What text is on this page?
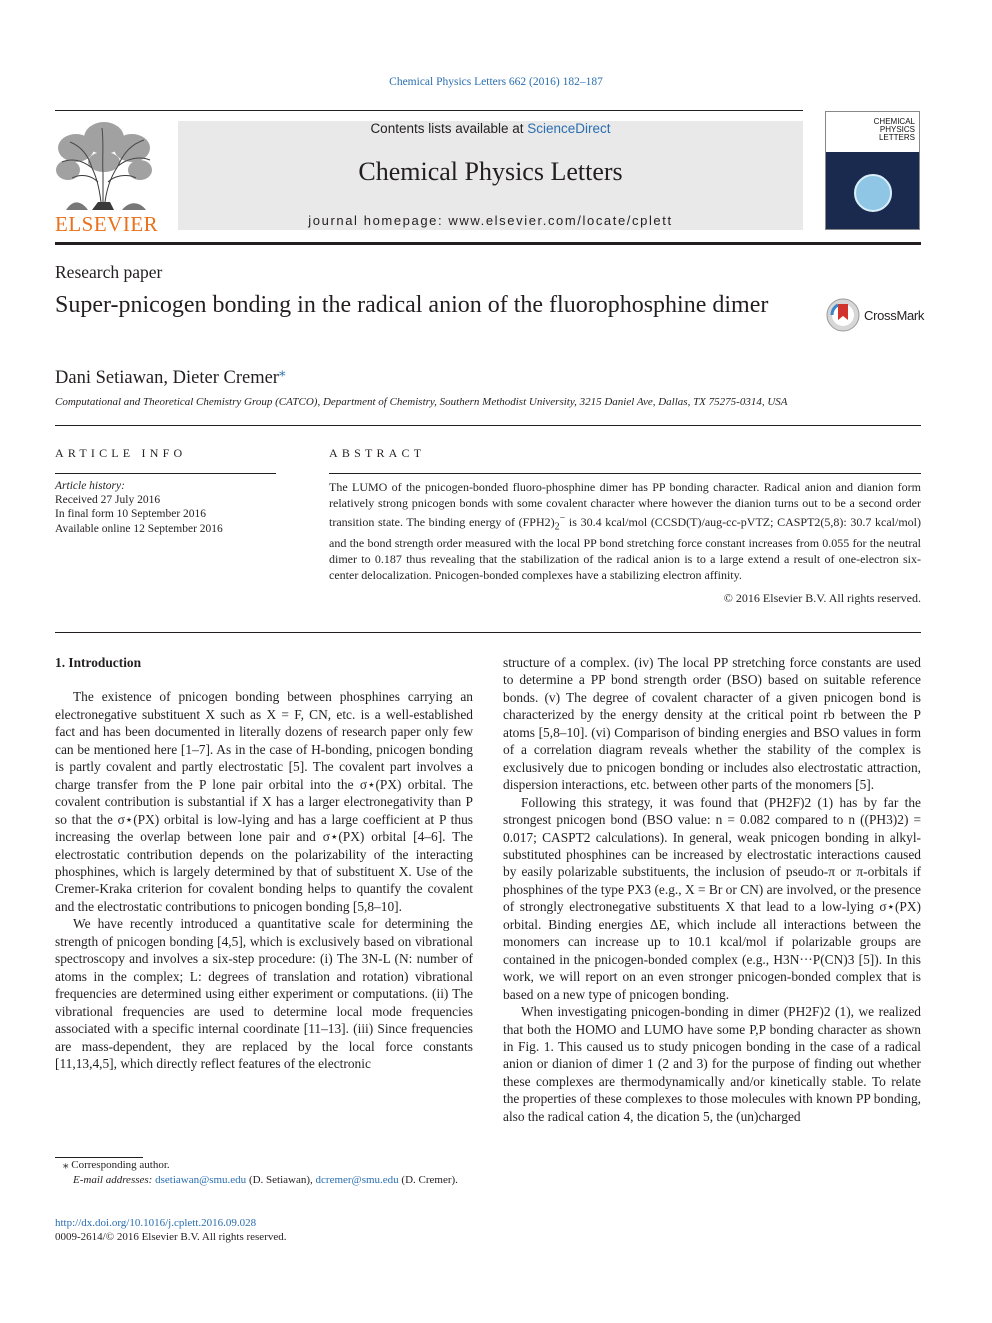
Chemical Physics Letters 662 (2016) 182–187
ELSEVIER
Contents lists available at ScienceDirect
Chemical Physics Letters
journal homepage: www.elsevier.com/locate/cplett
CHEMICAL
PHYSICS
LETTERS
Research paper
Super-pnicogen bonding in the radical anion of the fluorophosphine dimer	CrossMark
Dani Setiawan, Dieter Cremer⁎
Computational and Theoretical Chemistry Group (CATCO), Department of Chemistry, Southern Methodist University, 3215 Daniel Ave, Dallas, TX 75275-0314, USA
ARTICLE INFO
Article history:
Received 27 July 2016
In final form 10 September 2016
Available online 12 September 2016
ABSTRACT
The LUMO of the pnicogen-bonded fluoro-phosphine dimer has PP bonding character. Radical anion and dianion form relatively strong pnicogen bonds with some covalent character where however the dianion turns out to be a second order transition state. The binding energy of $(FPH2)_2^-$ is 30.4 kcal/mol (CCSD(T)/aug-cc-pVTZ; CASPT2(5,8): 30.7 kcal/mol) and the bond strength order measured with the local PP bond stretching force constant increases from 0.055 for the neutral dimer to 0.187 thus revealing that the stabilization of the radical anion is to a large extend a result of one-electron six-center delocalization. Pnicogen-bonded complexes have a stabilizing electron affinity.
© 2016 Elsevier B.V. All rights reserved.
1. Introduction

The existence of pnicogen bonding between phosphines carrying an electronegative substituent X such as X = F, CN, etc. is a well-established fact and has been documented in literally dozens of research paper only few can be mentioned here [1–7]. As in the case of H-bonding, pnicogen bonding is partly covalent and partly electrostatic [5]. The covalent part involves a charge transfer from the P lone pair orbital into the σ⋆(PX) orbital. The covalent contribution is substantial if X has a larger electronegativity than P so that the σ⋆(PX) orbital is low-lying and has a large coefficient at P thus increasing the overlap between lone pair and σ⋆(PX) orbital [4–6]. The electrostatic contribution depends on the polarizability of the interacting phosphines, which is largely determined by that of substituent X. Use of the Cremer-Kraka criterion for covalent bonding helps to quantify the covalent and the electrostatic contributions to pnicogen bonding [5,8–10].

We have recently introduced a quantitative scale for determining the strength of pnicogen bonding [4,5], which is exclusively based on vibrational spectroscopy and involves a six-step procedure: (i) The 3N-L (N: number of atoms in the complex; L: degrees of translation and rotation) vibrational frequencies are determined using either experiment or computations. (ii) The vibrational frequencies are used to determine local mode frequencies associated with a specific internal coordinate [11–13]. (iii) Since frequencies are mass-dependent, they are replaced by the local force constants [11,13,4,5], which directly reflect features of the electronic

structure of a complex. (iv) The local PP stretching force constants are used to determine a PP bond strength order (BSO) based on suitable reference bonds. (v) The degree of covalent character of a given pnicogen bond is characterized by the energy density at the critical point rb between the P atoms [5,8–10]. (vi) Comparison of binding energies and BSO values in form of a correlation diagram reveals whether the stability of the complex is exclusively due to pnicogen bonding or includes also electrostatic attraction, dispersion interactions, etc. between other parts of the monomers [5].

Following this strategy, it was found that (PH2F)2 (1) has by far the strongest pnicogen bond (BSO value: n = 0.082 compared to n ((PH3)2) = 0.017; CASPT2 calculations). In general, weak pnicogen bonding in alkyl-substituted phosphines can be increased by electrostatic interactions caused by easily polarizable substituents, the inclusion of pseudo-π or π-orbitals if phosphines of the type PX3 (e.g., X = Br or CN) are involved, or the presence of strongly electronegative substituents X that lead to a low-lying σ⋆(PX) orbital. Binding energies ΔE, which include all interactions between the monomers can increase up to 10.1 kcal/mol if polarizable groups are contained in the pnicogen-bonded complex (e.g., H3N···P(CN)3 [5]). In this work, we will report on an even stronger pnicogen-bonded complex that is based on a new type of pnicogen bonding.

When investigating pnicogen-bonding in dimer (PH2F)2 (1), we realized that both the HOMO and LUMO have some P,P bonding character as shown in Fig. 1. This caused us to study pnicogen bonding in the case of a radical anion or dianion of dimer 1 (2 and 3) for the purpose of finding out whether these complexes are thermodynamically and/or kinetically stable. To relate the properties of these complexes to those molecules with known PP bonding, also the radical cation 4, the dication 5, the (un)charged

⁎ Corresponding author.
E-mail addresses: dsetiawan@smu.edu (D. Setiawan), dcremer@smu.edu (D. Cremer).
http://dx.doi.org/10.1016/j.cplett.2016.09.028
0009-2614/© 2016 Elsevier B.V. All rights reserved.
